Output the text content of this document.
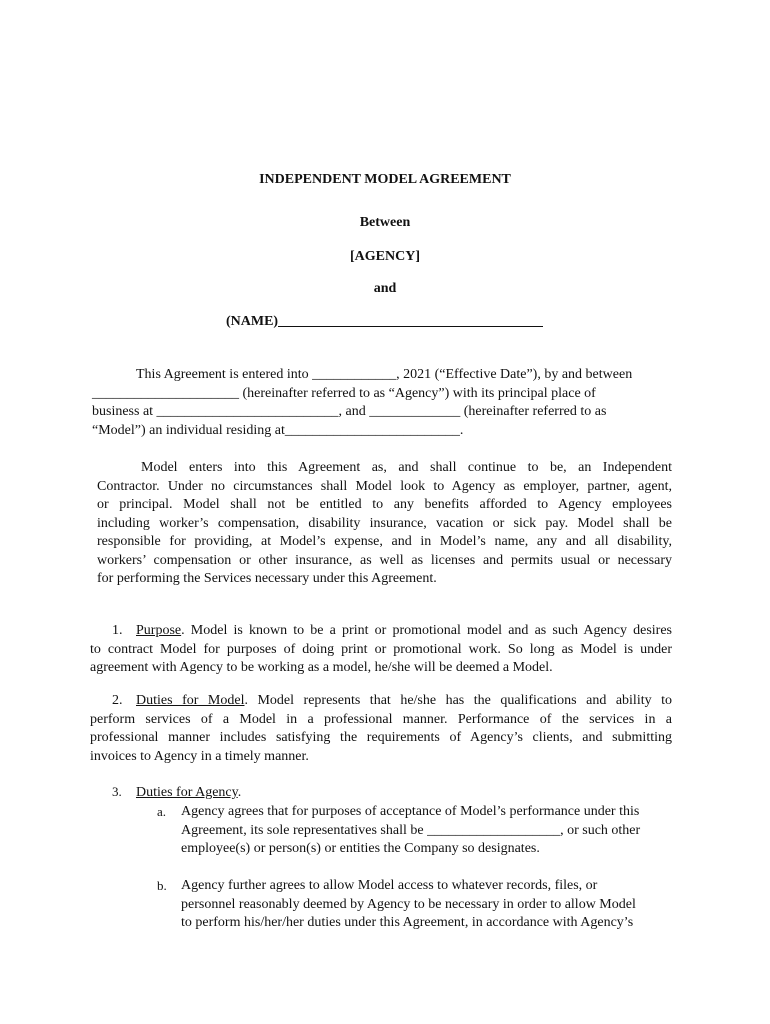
INDEPENDENT MODEL AGREEMENT
Between
[AGENCY]
and
(NAME)
This Agreement is entered into ____________, 2021 (“Effective Date”), by and between
_____________________ (hereinafter referred to as “Agency”) with its principal place of
business at __________________________, and _____________ (hereinafter referred to as
“Model”) an individual residing at_________________________.
Model enters into this Agreement as, and shall continue to be, an Independent
Contractor. Under no circumstances shall Model look to Agency as employer, partner, agent,
or principal. Model shall not be entitled to any benefits afforded to Agency employees
including worker’s compensation, disability insurance, vacation or sick pay. Model shall be
responsible for providing, at Model’s expense, and in Model’s name, any and all disability,
workers’ compensation or other insurance, as well as licenses and permits usual or necessary
for performing the Services necessary under this Agreement.
1. Purpose. Model is known to be a print or promotional model and as such Agency desires
to contract Model for purposes of doing print or promotional work. So long as Model is under
agreement with Agency to be working as a model, he/she will be deemed a Model.
2. Duties for Model. Model represents that he/she has the qualifications and ability to
perform services of a Model in a professional manner. Performance of the services in a
professional manner includes satisfying the requirements of Agency’s clients, and submitting
invoices to Agency in a timely manner.
3. Duties for Agency.
a. Agency agrees that for purposes of acceptance of Model’s performance under this
Agreement, its sole representatives shall be ___________________, or such other
employee(s) or person(s) or entities the Company so designates.
b. Agency further agrees to allow Model access to whatever records, files, or
personnel reasonably deemed by Agency to be necessary in order to allow Model
to perform his/her/her duties under this Agreement, in accordance with Agency’s
